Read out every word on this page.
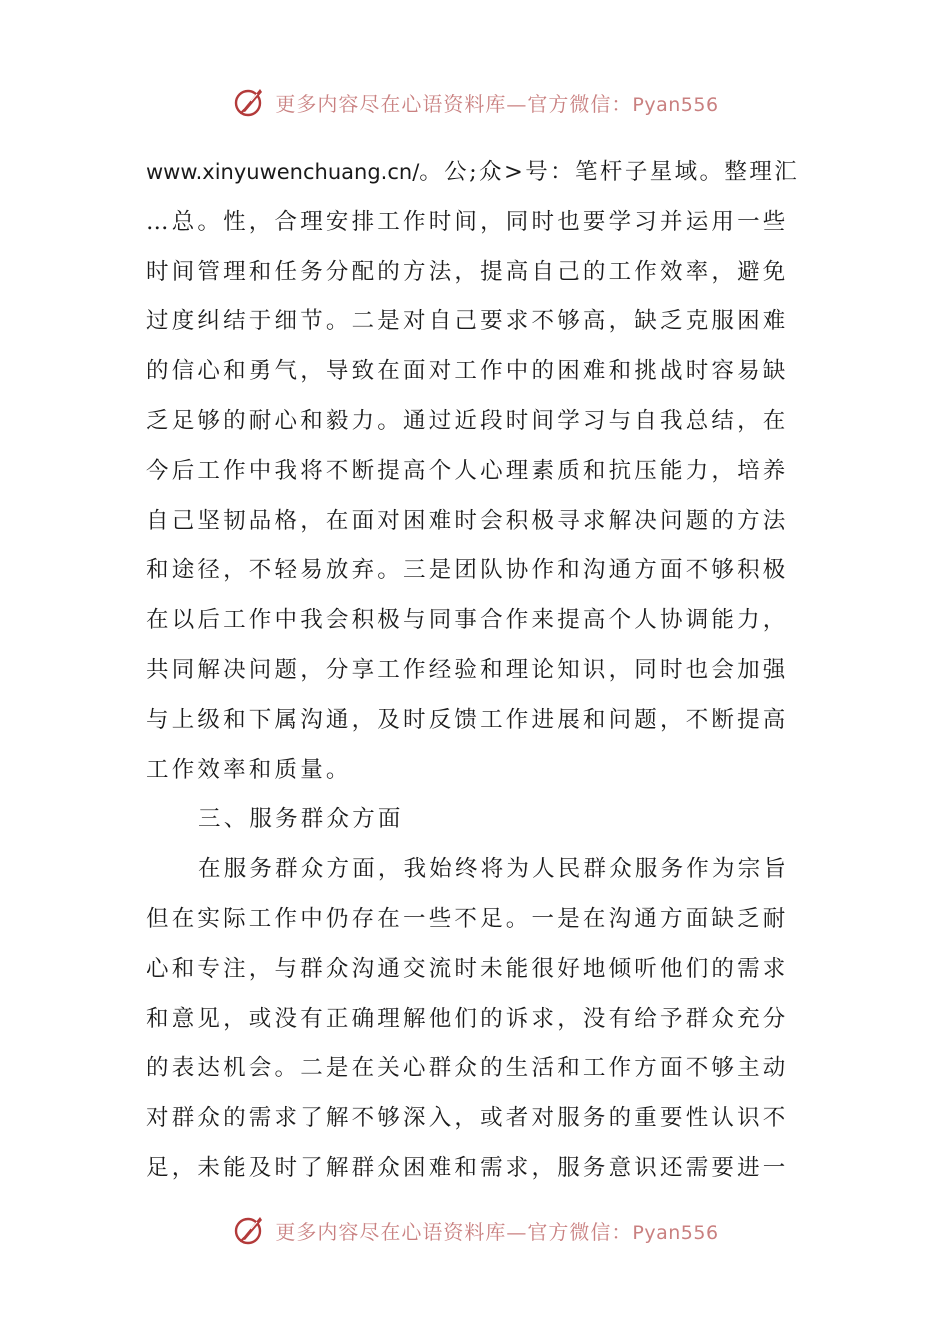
更多内容尽在心语资料库—官方微信：Pyan556
www.xinyuwenchuang.cn/。公;众>号：笔杆子星域。整理汇
…总。性，合理安排工作时间，同时也要学习并运用一些
时间管理和任务分配的方法，提高自己的工作效率，避免
过度纠结于细节。二是对自己要求不够高，缺乏克服困难
的信心和勇气，导致在面对工作中的困难和挑战时容易缺
乏足够的耐心和毅力。通过近段时间学习与自我总结，在
今后工作中我将不断提高个人心理素质和抗压能力，培养
自己坚韧品格，在面对困难时会积极寻求解决问题的方法
和途径，不轻易放弃。三是团队协作和沟通方面不够积极
在以后工作中我会积极与同事合作来提高个人协调能力，
共同解决问题，分享工作经验和理论知识，同时也会加强
与上级和下属沟通，及时反馈工作进展和问题，不断提高
工作效率和质量。
三、服务群众方面
在服务群众方面，我始终将为人民群众服务作为宗旨
但在实际工作中仍存在一些不足。一是在沟通方面缺乏耐
心和专注，与群众沟通交流时未能很好地倾听他们的需求
和意见，或没有正确理解他们的诉求，没有给予群众充分
的表达机会。二是在关心群众的生活和工作方面不够主动
对群众的需求了解不够深入，或者对服务的重要性认识不
足，未能及时了解群众困难和需求，服务意识还需要进一
更多内容尽在心语资料库—官方微信：Pyan556
